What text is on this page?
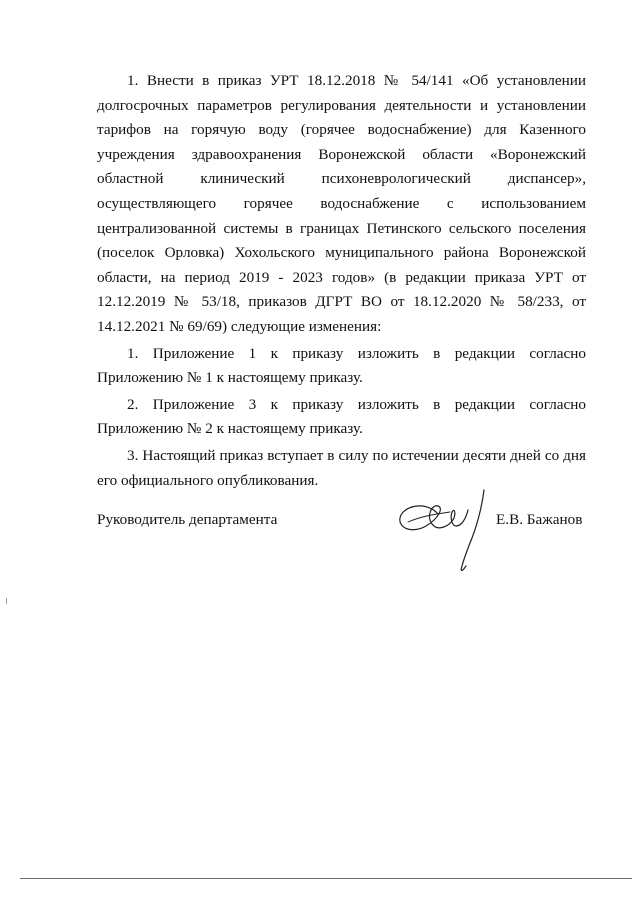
1. Внести в приказ УРТ 18.12.2018 № 54/141 «Об установлении долгосрочных параметров регулирования деятельности и установлении тарифов на горячую воду (горячее водоснабжение) для Казенного учреждения здравоохранения Воронежской области «Воронежский областной клинический психоневрологический диспансер», осуществляющего горячее водоснабжение с использованием централизованной системы в границах Петинского сельского поселения (поселок Орловка) Хохольского муниципального района Воронежской области, на период 2019 - 2023 годов» (в редакции приказа УРТ от 12.12.2019 № 53/18, приказов ДГРТ ВО от 18.12.2020 № 58/233, от 14.12.2021 № 69/69) следующие изменения:

1. Приложение 1 к приказу изложить в редакции согласно Приложению № 1 к настоящему приказу.

2. Приложение 3 к приказу изложить в редакции согласно Приложению № 2 к настоящему приказу.

3. Настоящий приказ вступает в силу по истечении десяти дней со дня его официального опубликования.

Руководитель департамента	Е.В. Бажанов
